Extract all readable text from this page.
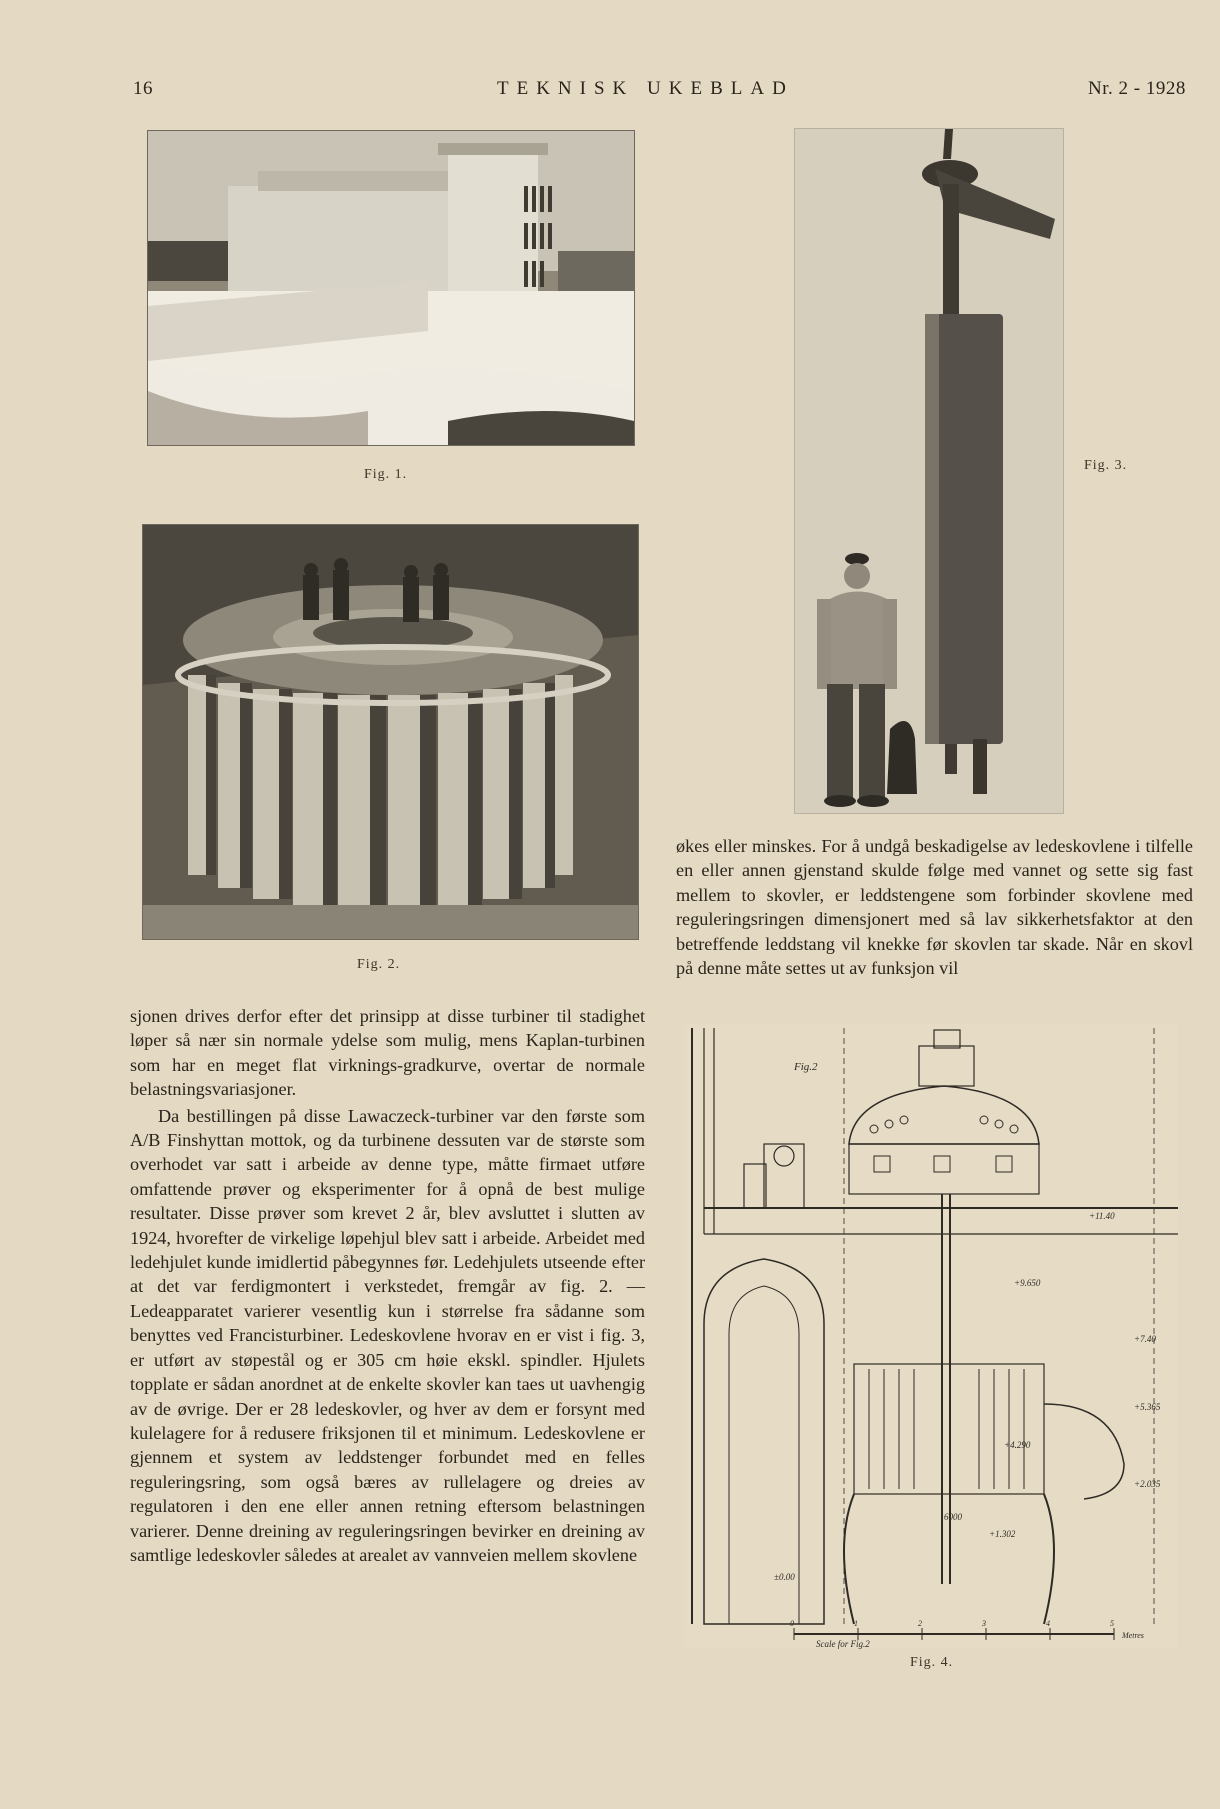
16	TEKNISK UKEBLAD	Nr. 2 - 1928
Fig. 1.
Fig. 2.
Fig. 3.

økes eller minskes. For å undgå beskadigelse av ledeskovlene i tilfelle en eller annen gjenstand skulde følge med vannet og sette sig fast mellem to skovler, er leddstengene som forbinder skovlene med reguleringsringen dimensjonert med så lav sikkerhetsfaktor at den betreffende leddstang vil knekke før skovlen tar skade. Når en skovl på denne måte settes ut av funksjon vil

Fig.2
+11.40
+9.650
+7.40
+5.365
+4.290
+2.035
+1.302
6000
±0.00
Scale for Fig.2
0	1	2	3	4	5
Metres
Fig. 4.

sjonen drives derfor efter det prinsipp at disse turbiner til stadighet løper så nær sin normale ydelse som mulig, mens Kaplan-turbinen som har en meget flat virknings-gradkurve, overtar de normale belastningsvariasjoner.

Da bestillingen på disse Lawaczeck-turbiner var den første som A/B Finshyttan mottok, og da turbinene dessuten var de største som overhodet var satt i arbeide av denne type, måtte firmaet utføre omfattende prøver og eksperimenter for å opnå de best mulige resultater. Disse prøver som krevet 2 år, blev avsluttet i slutten av 1924, hvorefter de virkelige løpehjul blev satt i arbeide. Arbeidet med ledehjulet kunde imidlertid påbegynnes før. Ledehjulets utseende efter at det var ferdigmontert i verkstedet, fremgår av fig. 2. — Ledeapparatet varierer vesentlig kun i størrelse fra sådanne som benyttes ved Francisturbiner. Ledeskovlene hvorav en er vist i fig. 3, er utført av støpestål og er 305 cm høie ekskl. spindler. Hjulets topplate er sådan anordnet at de enkelte skovler kan taes ut uavhengig av de øvrige. Der er 28 ledeskovler, og hver av dem er forsynt med kulelagere for å redusere friksjonen til et minimum. Ledeskovlene er gjennem et system av leddstenger forbundet med en felles reguleringsring, som også bæres av rullelagere og dreies av regulatoren i den ene eller annen retning eftersom belastningen varierer. Denne dreining av reguleringsringen bevirker en dreining av samtlige ledeskovler således at arealet av vannveien mellem skovlene
